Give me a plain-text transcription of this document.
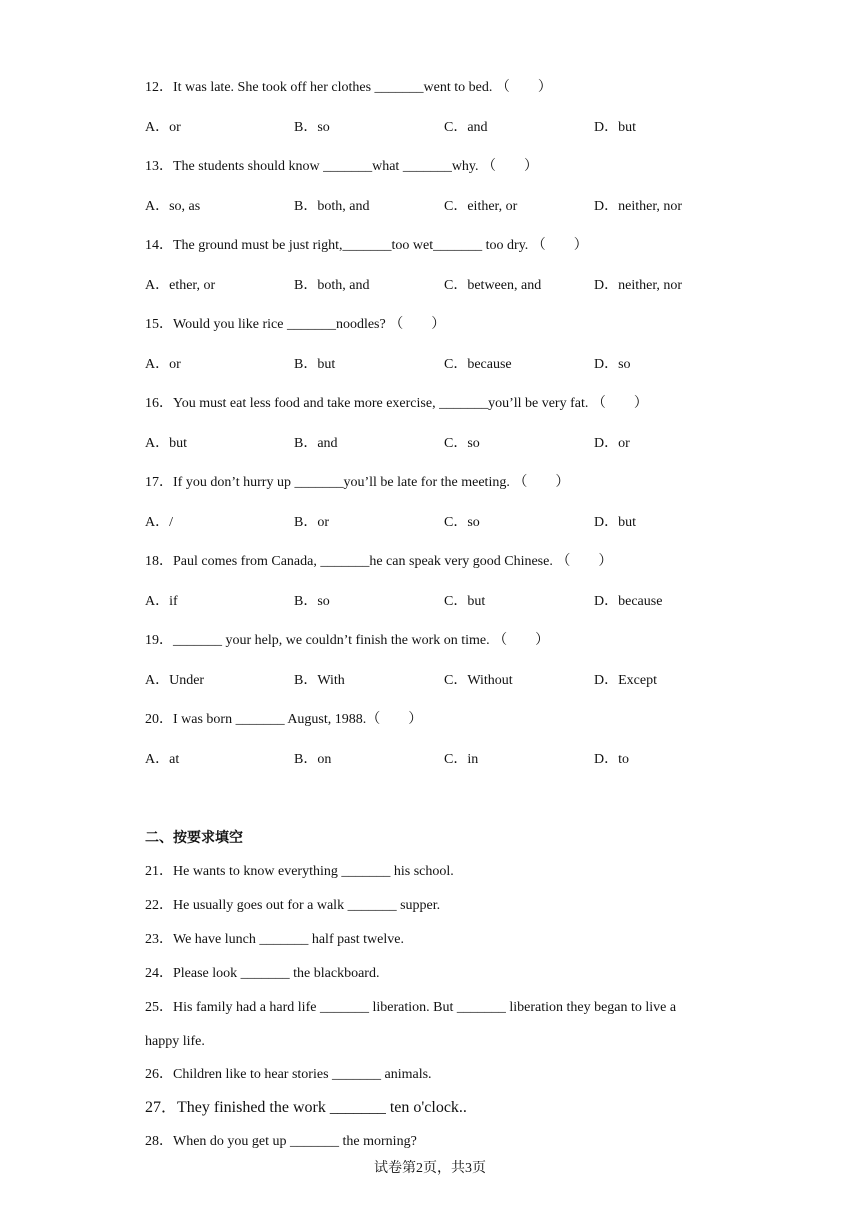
12．It was late. She took off her clothes _______went to bed. （　　）
A．or	B．so	C．and	D．but
13．The students should know _______what _______why. （　　）
A．so, as	B．both, and	C．either, or	D．neither, nor
14．The ground must be just right,_______too wet_______ too dry. （　　）
A．ether, or	B．both, and	C．between, and	D．neither, nor
15．Would you like rice _______noodles? （　　）
A．or	B．but	C．because	D．so
16．You must eat less food and take more exercise, _______you’ll be very fat. （　　）
A．but	B．and	C．so	D．or
17．If you don’t hurry up _______you’ll be late for the meeting. （　　）
A．/	B．or	C．so	D．but
18．Paul comes from Canada, _______he can speak very good Chinese. （　　）
A．if	B．so	C．but	D．because
19．_______ your help, we couldn’t finish the work on time. （　　）
A．Under	B．With	C．Without	D．Except
20．I was born _______ August, 1988.（　　）
A．at	B．on	C．in	D．to
二、按要求填空
21．He wants to know everything _______ his school.
22．He usually goes out for a walk _______ supper.
23．We have lunch _______ half past twelve.
24．Please look _______ the blackboard.
25．His family had a hard life _______ liberation. But _______ liberation they began to live a
happy life.
26．Children like to hear stories _______ animals.
27．They finished the work _______ ten o'clock..
28．When do you get up _______ the morning?
试卷第2页，共3页
